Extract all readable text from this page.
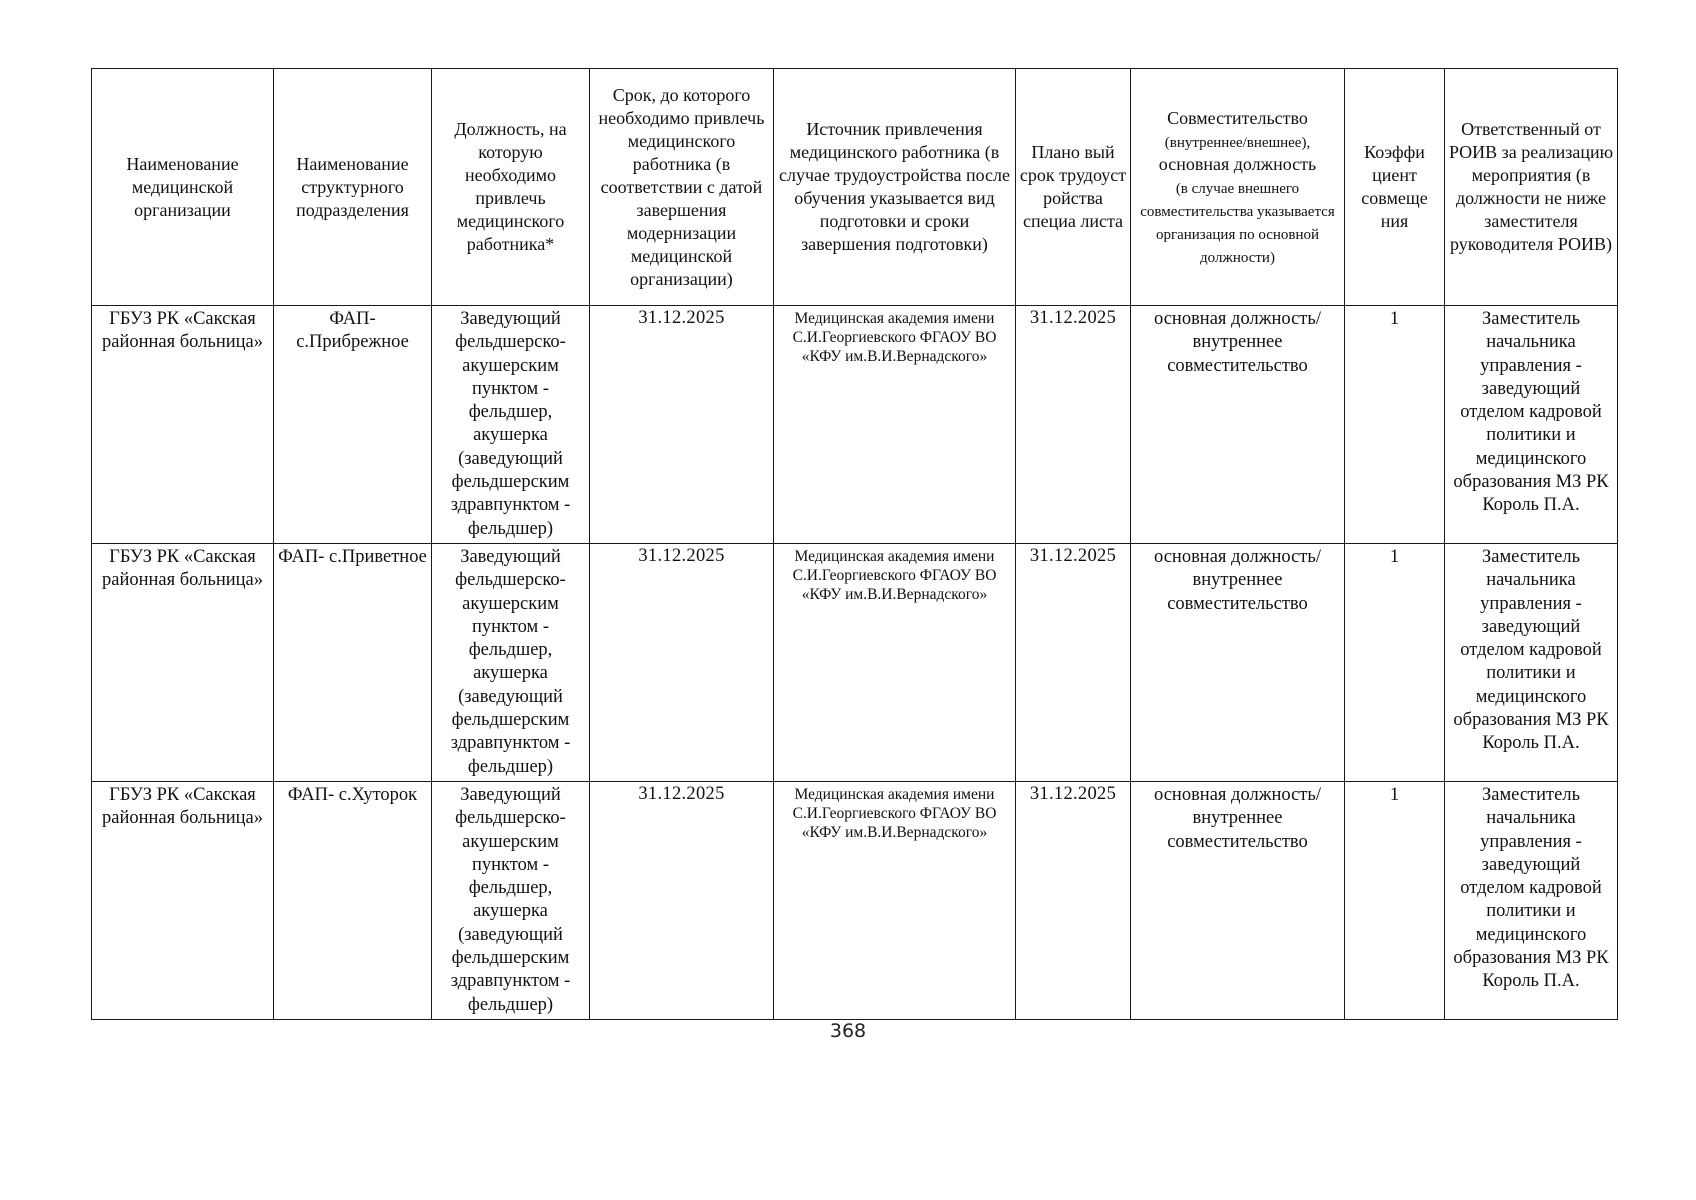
Наименование медицинской организации	Наименование структурного подразделения	Должность, на которую необходимо привлечь медицинского работника*	Срок, до которого необходимо привлечь медицинского работника (в соответствии с датой завершения модернизации медицинской организации)	Источник привлечения медицинского работника (в случае трудоустройства после обучения указывается вид подготовки и сроки завершения подготовки)	Плано вый срок трудоуст ройства специа листа	Совместительство
(внутреннее/внешнее),
основная должность
(в случае внешнего совместительства указывается организация по основной должности)	Коэффи циент совмеще ния	Ответственный от РОИВ за реализацию мероприятия (в должности не ниже заместителя руководителя РОИВ)
ГБУЗ РК «Сакская районная больница»	ФАП- с.Прибрежное	Заведующий фельдшерско-акушерским пунктом - фельдшер, акушерка (заведующий фельдшерским здравпунктом - фельдшер)	31.12.2025	Медицинская академия имени С.И.Георгиевского ФГАОУ ВО «КФУ им.В.И.Вернадского»	31.12.2025	основная должность/ внутреннее совместительство	1	Заместитель начальника управления - заведующий отделом кадровой политики и медицинского образования МЗ РК Король П.А.
ГБУЗ РК «Сакская районная больница»	ФАП- с.Приветное	Заведующий фельдшерско-акушерским пунктом - фельдшер, акушерка (заведующий фельдшерским здравпунктом - фельдшер)	31.12.2025	Медицинская академия имени С.И.Георгиевского ФГАОУ ВО «КФУ им.В.И.Вернадского»	31.12.2025	основная должность/ внутреннее совместительство	1	Заместитель начальника управления - заведующий отделом кадровой политики и медицинского образования МЗ РК Король П.А.
ГБУЗ РК «Сакская районная больница»	ФАП- с.Хуторок	Заведующий фельдшерско-акушерским пунктом - фельдшер, акушерка (заведующий фельдшерским здравпунктом - фельдшер)	31.12.2025	Медицинская академия имени С.И.Георгиевского ФГАОУ ВО «КФУ им.В.И.Вернадского»	31.12.2025	основная должность/ внутреннее совместительство	1	Заместитель начальника управления - заведующий отделом кадровой политики и медицинского образования МЗ РК Король П.А.
368
